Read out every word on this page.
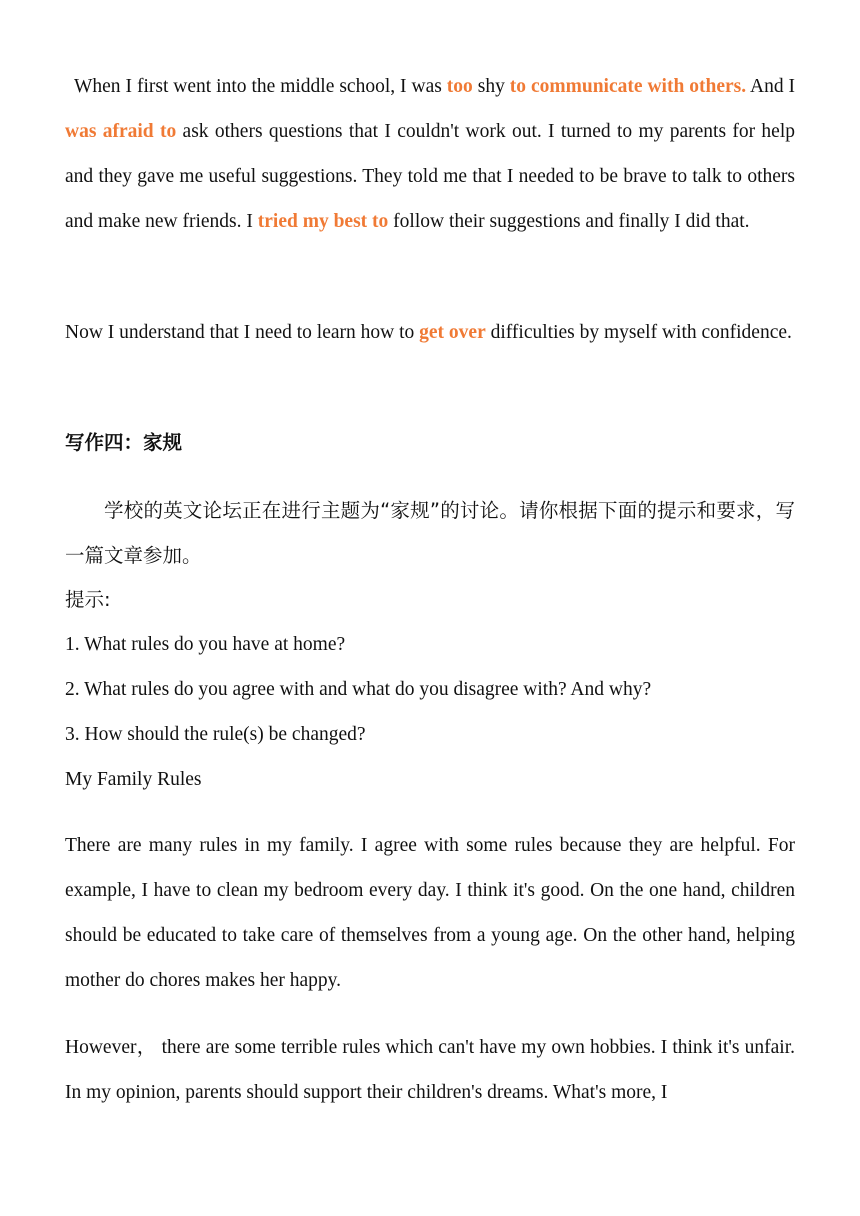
When I first went into the middle school, I was too shy to communicate with others. And I was afraid to ask others questions that I couldn't work out. I turned to my parents for help and they gave me useful suggestions. They told me that I needed to be brave to talk to others and make new friends. I tried my best to follow their suggestions and finally I did that.

Now I understand that I need to learn how to get over difficulties by myself with confidence.

写作四：家规

学校的英文论坛正在进行主题为“家规”的讨论。请你根据下面的提示和要求，写一篇文章参加。

提示:

1. What rules do you have at home?

2. What rules do you agree with and what do you disagree with? And why?

3. How should the rule(s) be changed?

My Family Rules

There are many rules in my family. I agree with some rules because they are helpful. For example, I have to clean my bedroom every day. I think it's good. On the one hand, children should be educated to take care of themselves from a young age. On the other hand, helping mother do chores makes her happy.

However， there are some terrible rules which can't have my own hobbies. I think it's unfair. In my opinion, parents should support their children's dreams. What's more, I
